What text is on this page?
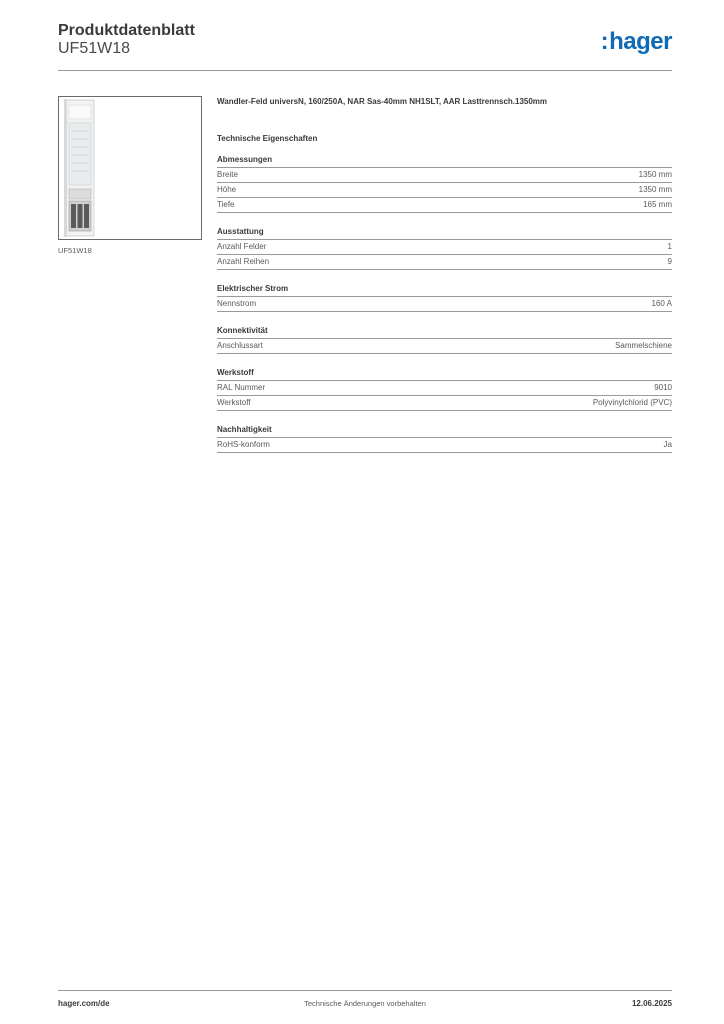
Produktdatenblatt
UF51W18	:hager
UF51W18
Wandler-Feld universN, 160/250A, NAR Sas-40mm NH1SLT, AAR Lasttrennsch.1350mm
Technische Eigenschaften
Abmessungen
Breite	1350 mm
Höhe	1350 mm
Tiefe	165 mm
Ausstattung
Anzahl Felder	1
Anzahl Reihen	9
Elektrischer Strom
Nennstrom	160 A
Konnektivität
Anschlussart	Sammelschiene
Werkstoff
RAL Nummer	9010
Werkstoff	Polyvinylchlorid (PVC)
Nachhaltigkeit
RoHS-konform	Ja
hager.com/de	Technische Änderungen vorbehalten	12.06.2025
